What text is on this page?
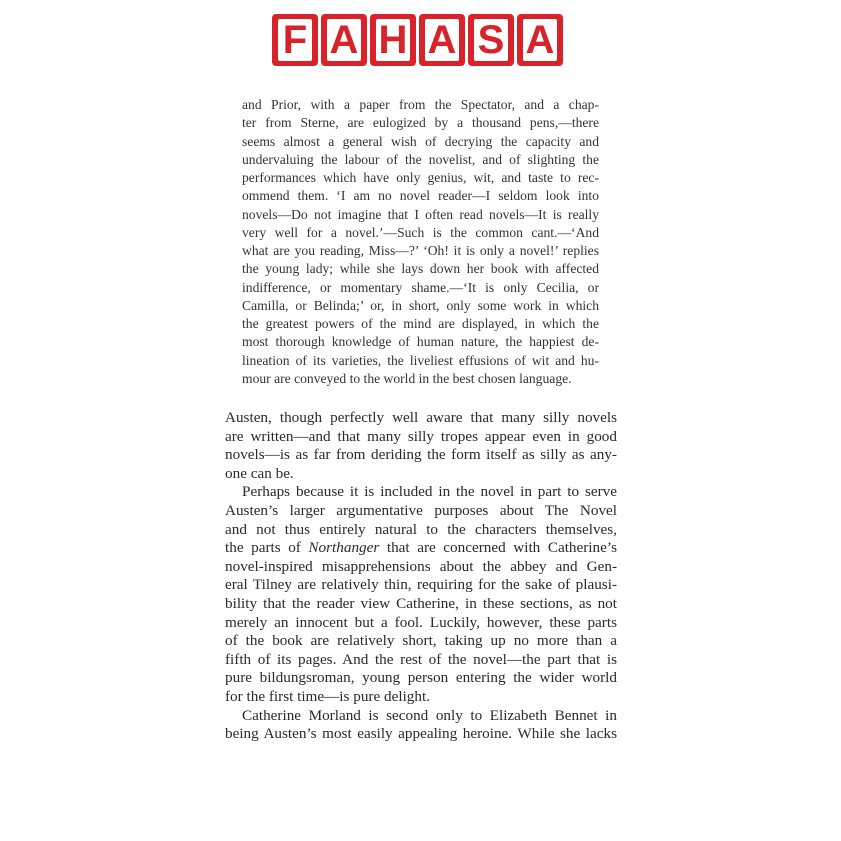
F A H A S A
and Prior, with a paper from the Spectator, and a chap-
ter from Sterne, are eulogized by a thousand pens,—there
seems almost a general wish of decrying the capacity and
undervaluing the labour of the novelist, and of slighting the
performances which have only genius, wit, and taste to rec-
ommend them. ‘I am no novel reader—I seldom look into
novels—Do not imagine that I often read novels—It is really
very well for a novel.’—Such is the common cant.—‘And
what are you reading, Miss—?’ ‘Oh! it is only a novel!’ replies
the young lady; while she lays down her book with affected
indifference, or momentary shame.—‘It is only Cecilia, or
Camilla, or Belinda;’ or, in short, only some work in which
the greatest powers of the mind are displayed, in which the
most thorough knowledge of human nature, the happiest de-
lineation of its varieties, the liveliest effusions of wit and hu-
mour are conveyed to the world in the best chosen language.
Austen, though perfectly well aware that many silly novels
are written—and that many silly tropes appear even in good
novels—is as far from deriding the form itself as silly as any-
one can be.
Perhaps because it is included in the novel in part to serve
Austen’s larger argumentative purposes about The Novel
and not thus entirely natural to the characters themselves,
the parts of Northanger that are concerned with Catherine’s
novel-inspired misapprehensions about the abbey and Gen-
eral Tilney are relatively thin, requiring for the sake of plausi-
bility that the reader view Catherine, in these sections, as not
merely an innocent but a fool. Luckily, however, these parts
of the book are relatively short, taking up no more than a
fifth of its pages. And the rest of the novel—the part that is
pure bildungsroman, young person entering the wider world
for the first time—is pure delight.
Catherine Morland is second only to Elizabeth Bennet in
being Austen’s most easily appealing heroine. While she lacks
